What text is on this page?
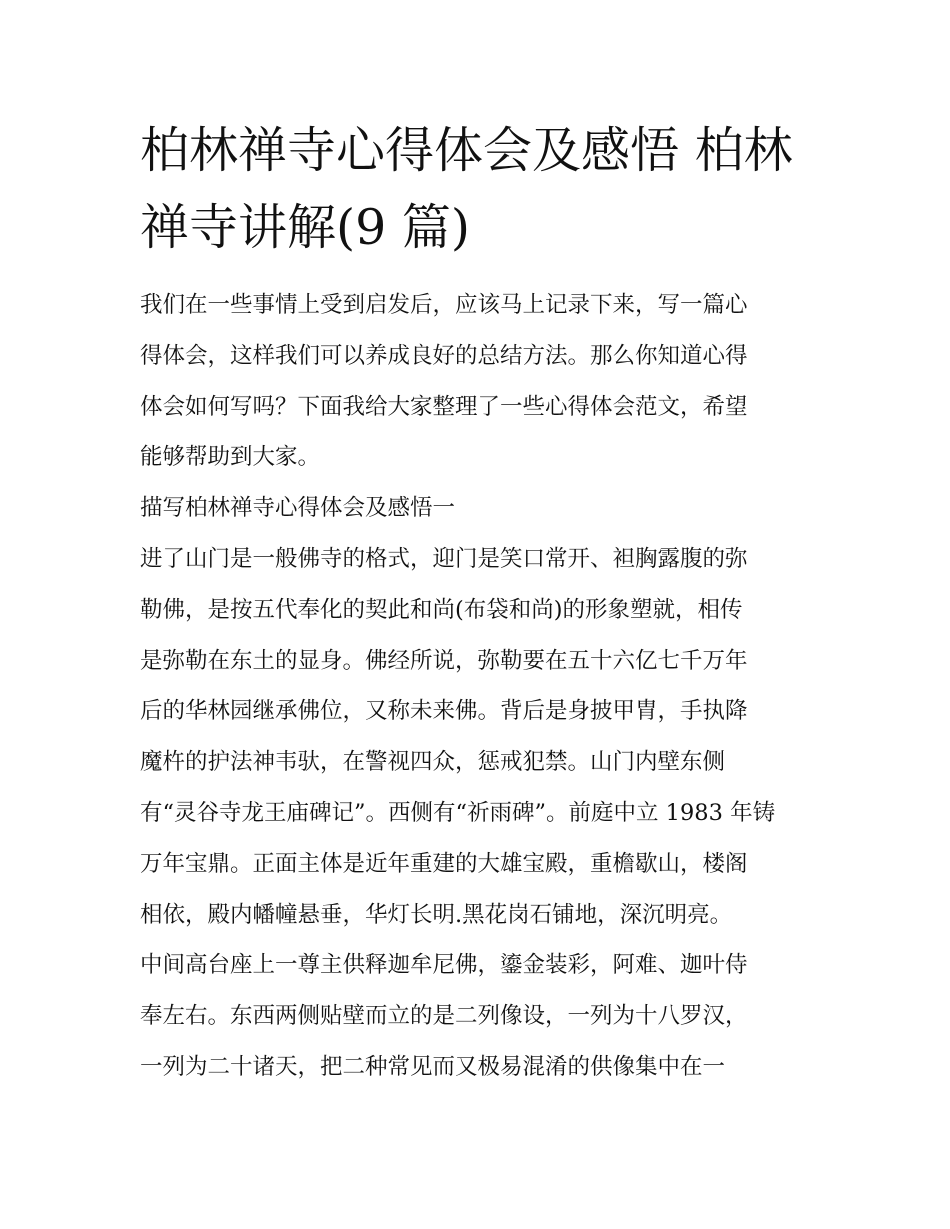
柏林禅寺心得体会及感悟 柏林
禅寺讲解(9 篇)
我们在一些事情上受到启发后，应该马上记录下来，写一篇心
得体会，这样我们可以养成良好的总结方法。那么你知道心得
体会如何写吗？下面我给大家整理了一些心得体会范文，希望
能够帮助到大家。
描写柏林禅寺心得体会及感悟一
进了山门是一般佛寺的格式，迎门是笑口常开、袒胸露腹的弥
勒佛，是按五代奉化的契此和尚(布袋和尚)的形象塑就，相传
是弥勒在东土的显身。佛经所说，弥勒要在五十六亿七千万年
后的华林园继承佛位，又称未来佛。背后是身披甲胄，手执降
魔杵的护法神韦驮，在警视四众，惩戒犯禁。山门内壁东侧
有“灵谷寺龙王庙碑记”。西侧有“祈雨碑”。前庭中立 1983 年铸
万年宝鼎。正面主体是近年重建的大雄宝殿，重檐歇山，楼阁
相依，殿内幡幢悬垂，华灯长明.黑花岗石铺地，深沉明亮。
中间高台座上一尊主供释迦牟尼佛，鎏金装彩，阿难、迦叶侍
奉左右。东西两侧贴壁而立的是二列像设，一列为十八罗汉，
一列为二十诸天，把二种常见而又极易混淆的供像集中在一
